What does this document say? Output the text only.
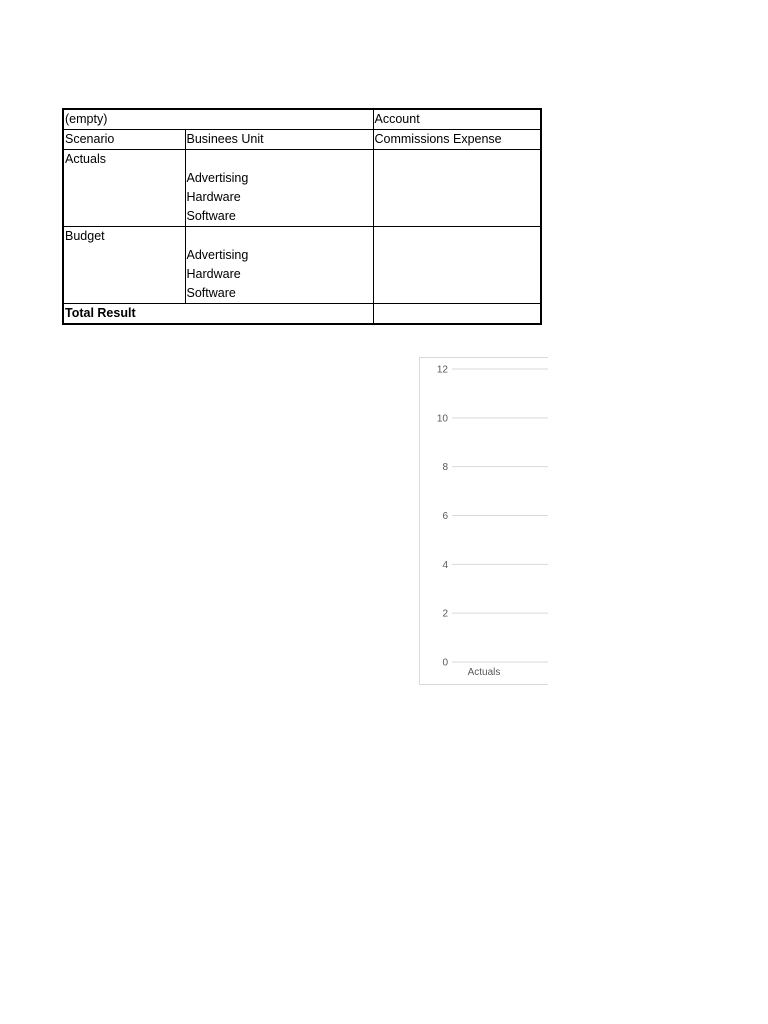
(empty)		Account
Scenario	Businees Unit	Commissions Expense
Actuals		
	Advertising	
	Hardware	
	Software	
Budget		
	Advertising	
	Hardware	
	Software	
Total Result		
0
2
4
6
8
10
12
Actuals
